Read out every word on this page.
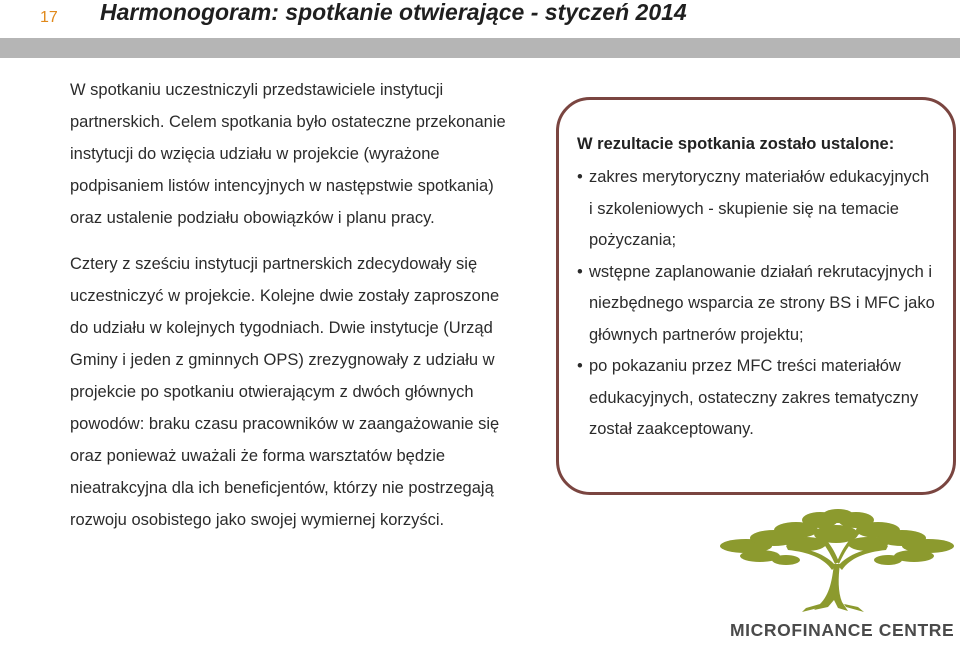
17	Harmonogoram: spotkanie otwierające - styczeń 2014

W spotkaniu uczestniczyli przedstawiciele instytucji partnerskich. Celem spotkania było ostateczne przekonanie instytucji do wzięcia udziału w projekcie (wyrażone podpisaniem listów intencyjnych w następstwie spotkania) oraz ustalenie podziału obowiązków i planu pracy.

Cztery z sześciu instytucji partnerskich zdecydowały się uczestniczyć w projekcie. Kolejne dwie zostały zaproszone do udziału w kolejnych tygodniach. Dwie instytucje (Urząd Gminy i jeden z gminnych OPS) zrezygnowały z udziału w projekcie po spotkaniu otwierającym z dwóch głównych powodów: braku czasu pracowników w zaangażowanie się oraz ponieważ uważali że forma warsztatów będzie nieatrakcyjna dla ich beneficjentów, którzy nie postrzegają rozwoju osobistego jako swojej wymiernej korzyści.

W rezultacie spotkania zostało ustalone:
• zakres merytoryczny materiałów edukacyjnych i szkoleniowych - skupienie się na temacie pożyczania;
• wstępne zaplanowanie działań rekrutacyjnych i niezbędnego wsparcia ze strony BS i MFC jako głównych partnerów projektu;
• po pokazaniu przez MFC treści materiałów edukacyjnych, ostateczny zakres tematyczny został zaakceptowany.
MICROFINANCE CENTRE
